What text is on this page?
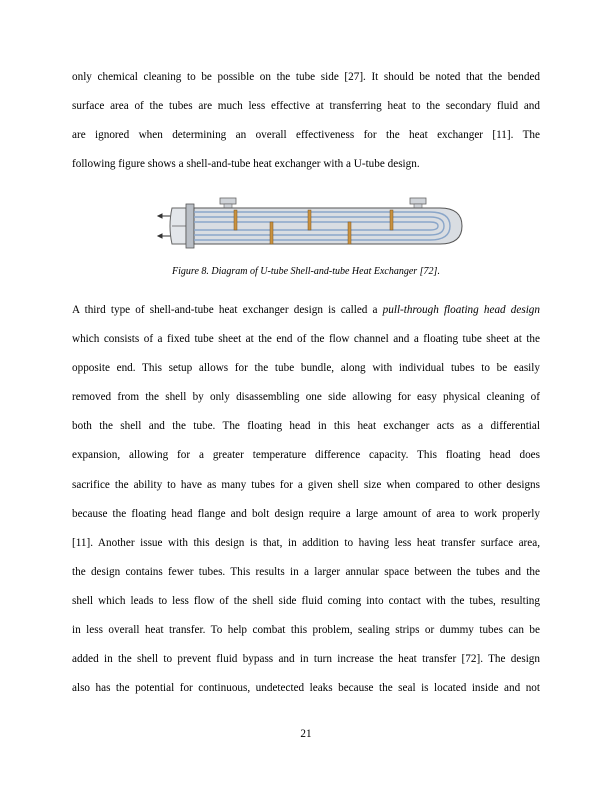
only chemical cleaning to be possible on the tube side [27]. It should be noted that the bended
surface area of the tubes are much less effective at transferring heat to the secondary fluid and
are ignored when determining an overall effectiveness for the heat exchanger [11]. The
following figure shows a shell-and-tube heat exchanger with a U-tube design.

Figure 8. Diagram of U-tube Shell-and-tube Heat Exchanger [72].

A third type of shell-and-tube heat exchanger design is called a pull-through floating head design
which consists of a fixed tube sheet at the end of the flow channel and a floating tube sheet at the
opposite end. This setup allows for the tube bundle, along with individual tubes to be easily
removed from the shell by only disassembling one side allowing for easy physical cleaning of
both the shell and the tube. The floating head in this heat exchanger acts as a differential
expansion, allowing for a greater temperature difference capacity. This floating head does
sacrifice the ability to have as many tubes for a given shell size when compared to other designs
because the floating head flange and bolt design require a large amount of area to work properly
[11]. Another issue with this design is that, in addition to having less heat transfer surface area,
the design contains fewer tubes. This results in a larger annular space between the tubes and the
shell which leads to less flow of the shell side fluid coming into contact with the tubes, resulting
in less overall heat transfer. To help combat this problem, sealing strips or dummy tubes can be
added in the shell to prevent fluid bypass and in turn increase the heat transfer [72]. The design
also has the potential for continuous, undetected leaks because the seal is located inside and not
21
